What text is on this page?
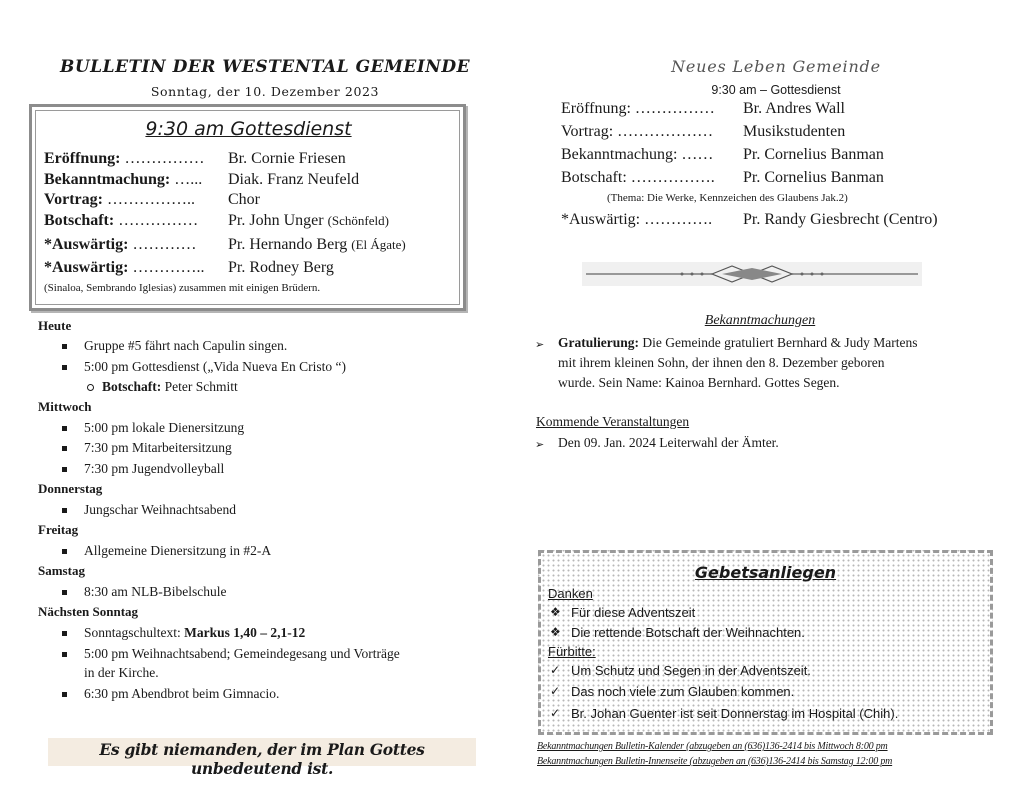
BULLETIN DER WESTENTAL GEMEINDE
Sonntag, der 10. Dezember 2023
9:30 am Gottesdienst
Eröffnung: …………… Br. Cornie Friesen
Bekanntmachung: …... Diak. Franz Neufeld
Vortrag: …………….. Chor
Botschaft: …………… Pr. John Unger (Schönfeld)
*Auswärtig: ………… Pr. Hernando Berg (El Ágate)
*Auswärtig: ………….. Pr. Rodney Berg
(Sinaloa, Sembrando Iglesias) zusammen mit einigen Brüdern.
Heute
Gruppe #5 fährt nach Capulin singen.
5:00 pm Gottesdienst („Vida Nueva En Cristo “)
Botschaft: Peter Schmitt
Mittwoch
5:00 pm lokale Dienersitzung
7:30 pm Mitarbeitersitzung
7:30 pm Jugendvolleyball
Donnerstag
Jungschar Weihnachtsabend
Freitag
Allgemeine Dienersitzung in #2-A
Samstag
8:30 am NLB-Bibelschule
Nächsten Sonntag
Sonntagschultext: Markus 1,40 – 2,1-12
5:00 pm Weihnachtsabend; Gemeindegesang und Vorträge
in der Kirche.
6:30 pm Abendbrot beim Gimnacio.
Es gibt niemanden, der im Plan Gottes unbedeutend ist.
Neues Leben Gemeinde
9:30 am – Gottesdienst
Eröffnung: …………… Br. Andres Wall
Vortrag: ……………… Musikstudenten
Bekanntmachung: …… Pr. Cornelius Banman
Botschaft: ……………. Pr. Cornelius Banman
(Thema: Die Werke, Kennzeichen des Glaubens Jak.2)
*Auswärtig: …………. Pr. Randy Giesbrecht (Centro)
Bekanntmachungen
➢ Gratulierung: Die Gemeinde gratuliert Bernhard & Judy Martens
mit ihrem kleinen Sohn, der ihnen den 8. Dezember geboren
wurde. Sein Name: Kainoa Bernhard. Gottes Segen.
Kommende Veranstaltungen
➢ Den 09. Jan. 2024 Leiterwahl der Ämter.
Gebetsanliegen
Danken
❖ Für diese Adventszeit
❖ Die rettende Botschaft der Weihnachten.
Fürbitte:
✓ Um Schutz und Segen in der Adventszeit.
✓ Das noch viele zum Glauben kommen.
✓ Br. Johan Guenter ist seit Donnerstag im Hospital (Chih).
Bekanntmachungen Bulletin-Kalender (abzugeben an (636)136-2414 bis Mittwoch 8:00 pm
Bekanntmachungen Bulletin-Innenseite (abzugeben an (636)136-2414 bis Samstag 12:00 pm
